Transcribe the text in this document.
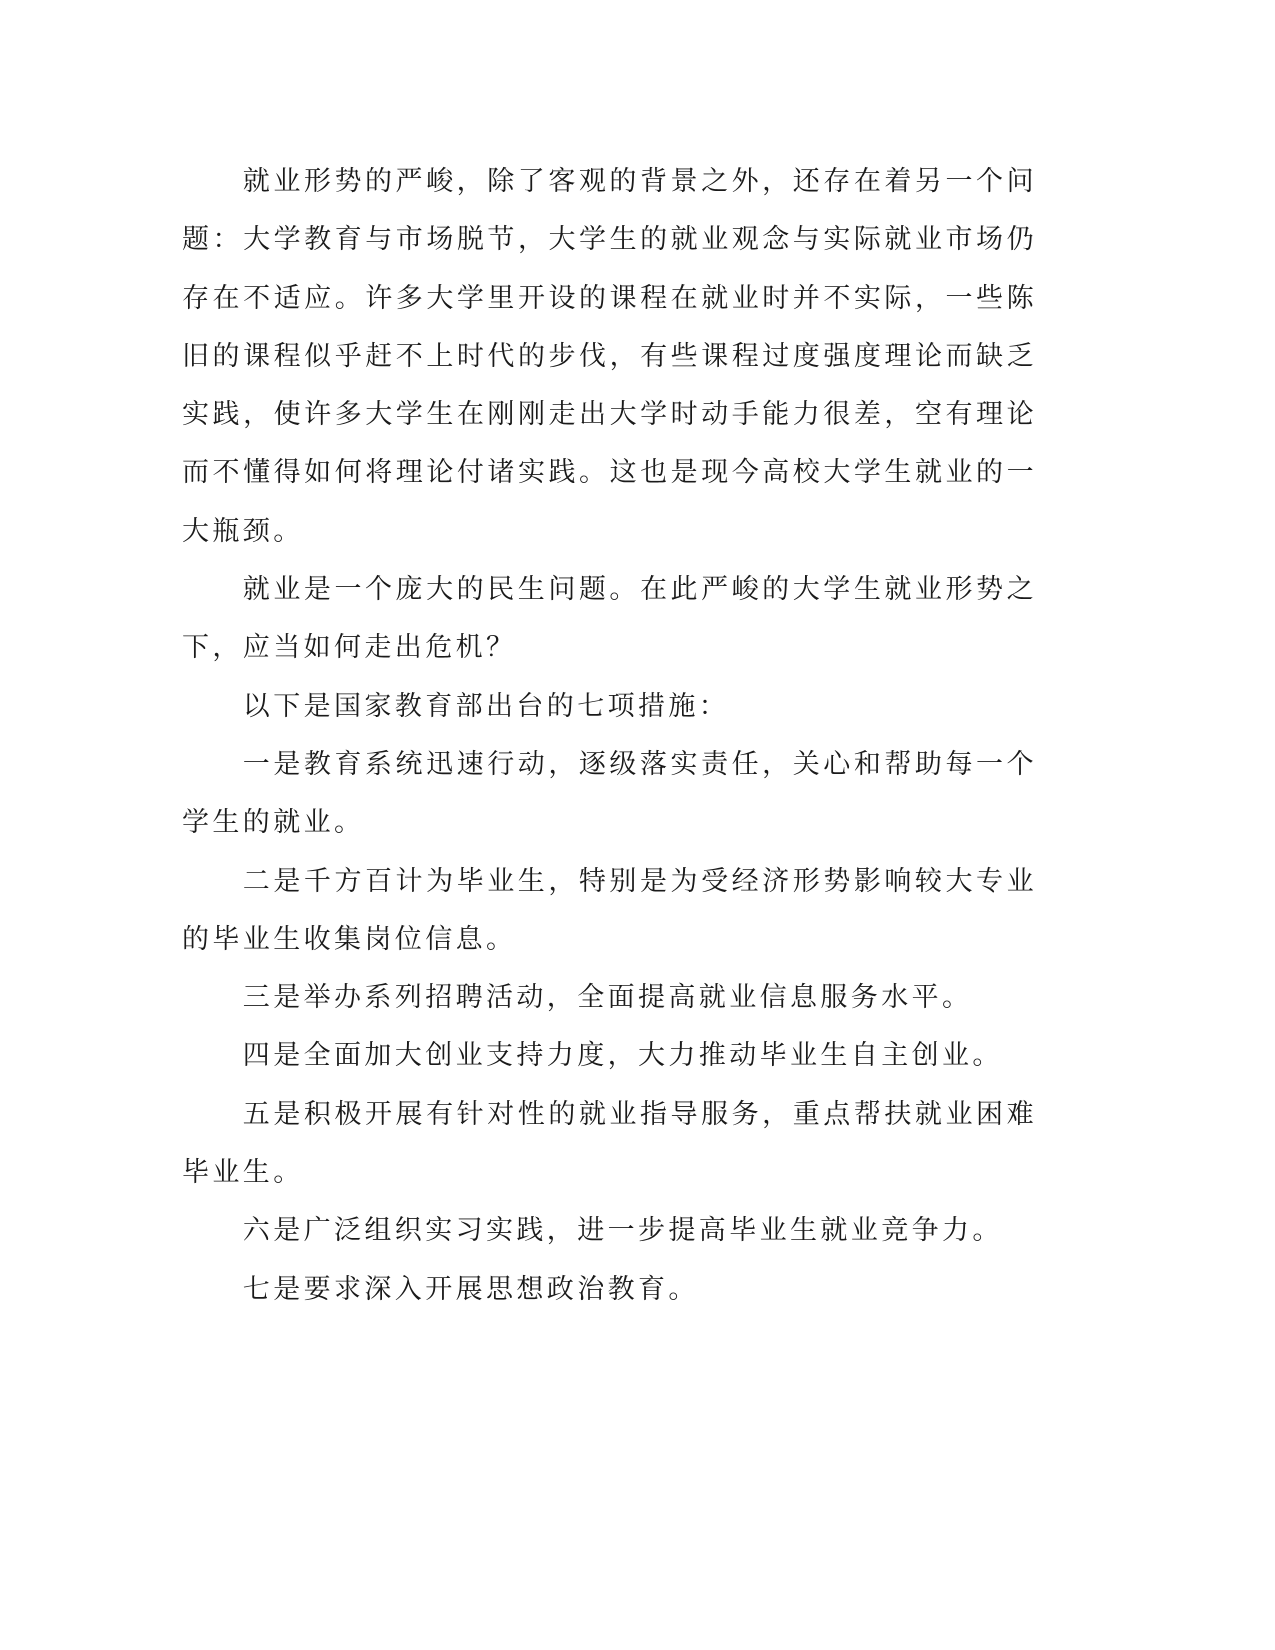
就业形势的严峻，除了客观的背景之外，还存在着另一个问题：大学教育与市场脱节，大学生的就业观念与实际就业市场仍存在不适应。许多大学里开设的课程在就业时并不实际，一些陈旧的课程似乎赶不上时代的步伐，有些课程过度强度理论而缺乏实践，使许多大学生在刚刚走出大学时动手能力很差，空有理论而不懂得如何将理论付诸实践。这也是现今高校大学生就业的一大瓶颈。

就业是一个庞大的民生问题。在此严峻的大学生就业形势之下，应当如何走出危机？

以下是国家教育部出台的七项措施：

一是教育系统迅速行动，逐级落实责任，关心和帮助每一个学生的就业。

二是千方百计为毕业生，特别是为受经济形势影响较大专业的毕业生收集岗位信息。

三是举办系列招聘活动，全面提高就业信息服务水平。

四是全面加大创业支持力度，大力推动毕业生自主创业。

五是积极开展有针对性的就业指导服务，重点帮扶就业困难毕业生。

六是广泛组织实习实践，进一步提高毕业生就业竞争力。

七是要求深入开展思想政治教育。
